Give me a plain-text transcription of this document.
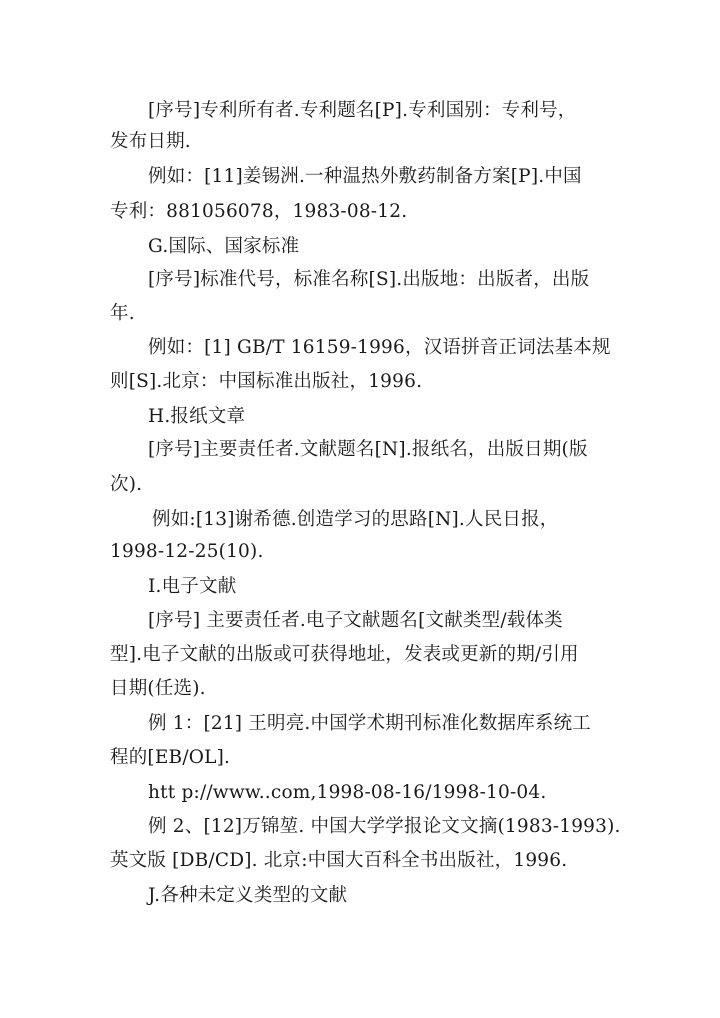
[序号]专利所有者.专利题名[P].专利国别：专利号，

发布日期.

例如：[11]姜锡洲.一种温热外敷药制备方案[P].中国

专利：881056078，1983-08-12.

G.国际、国家标准

[序号]标准代号，标准名称[S].出版地：出版者，出版

年.

例如：[1] GB/T 16159-1996，汉语拼音正词法基本规

则[S].北京：中国标准出版社，1996.

H.报纸文章

[序号]主要责任者.文献题名[N].报纸名，出版日期(版

次).

例如:[13]谢希德.创造学习的思路[N].人民日报，

1998-12-25(10).

I.电子文献

[序号] 主要责任者.电子文献题名[文献类型/载体类

型].电子文献的出版或可获得地址，发表或更新的期/引用

日期(任选).

例 1：[21] 王明亮.中国学术期刊标准化数据库系统工

程的[EB/OL].

htt p://www..com,1998-08-16/1998-10-04.

例 2、[12]万锦堃. 中国大学学报论文文摘(1983-1993).

英文版 [DB/CD]. 北京:中国大百科全书出版社，1996.

J.各种未定义类型的文献
